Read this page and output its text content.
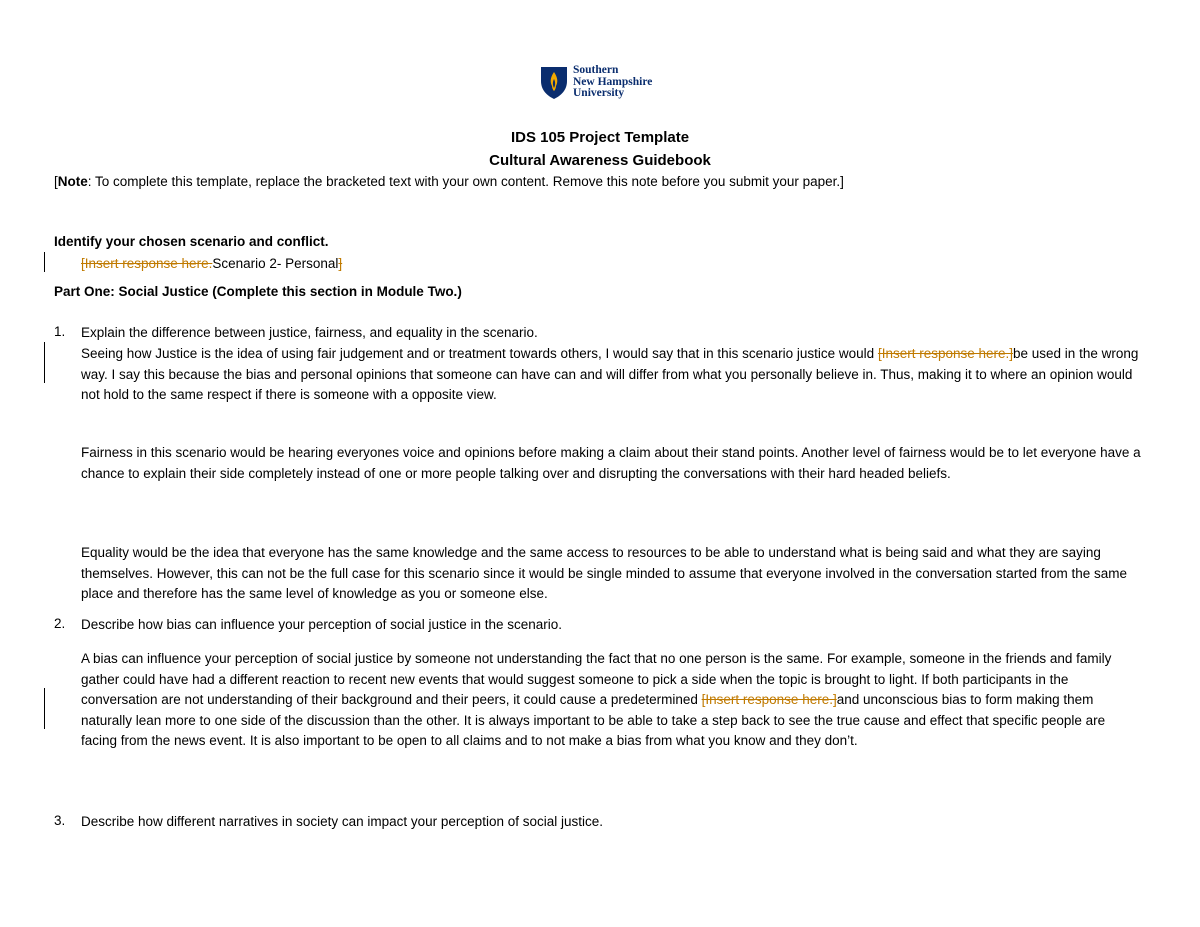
Southern
New Hampshire
University
IDS 105 Project Template
Cultural Awareness Guidebook
[Note: To complete this template, replace the bracketed text with your own content. Remove this note before you submit your paper.]
Identify your chosen scenario and conflict.
[Insert response here.Scenario 2- Personal]
Part One: Social Justice (Complete this section in Module Two.)
1. Explain the difference between justice, fairness, and equality in the scenario.
Seeing how Justice is the idea of using fair judgement and or treatment towards others, I would say that in this scenario justice would [Insert response here.]be used in the wrong way. I say this because the bias and personal opinions that someone can have can and will differ from what you personally believe in. Thus, making it to where an opinion would not hold to the same respect if there is someone with a opposite view.
Fairness in this scenario would be hearing everyones voice and opinions before making a claim about their stand points. Another level of fairness would be to let everyone have a chance to explain their side completely instead of one or more people talking over and disrupting the conversations with their hard headed beliefs.
Equality would be the idea that everyone has the same knowledge and the same access to resources to be able to understand what is being said and what they are saying themselves. However, this can not be the full case for this scenario since it would be single minded to assume that everyone involved in the conversation started from the same place and therefore has the same level of knowledge as you or someone else.
2. Describe how bias can influence your perception of social justice in the scenario.
A bias can influence your perception of social justice by someone not understanding the fact that no one person is the same. For example, someone in the friends and family gather could have had a different reaction to recent new events that would suggest someone to pick a side when the topic is brought to light. If both participants in the conversation are not understanding of their background and their peers, it could cause a predetermined [Insert response here.]and unconscious bias to form making them naturally lean more to one side of the discussion than the other. It is always important to be able to take a step back to see the true cause and effect that specific people are facing from the news event. It is also important to be open to all claims and to not make a bias from what you know and they don’t.
3. Describe how different narratives in society can impact your perception of social justice.
